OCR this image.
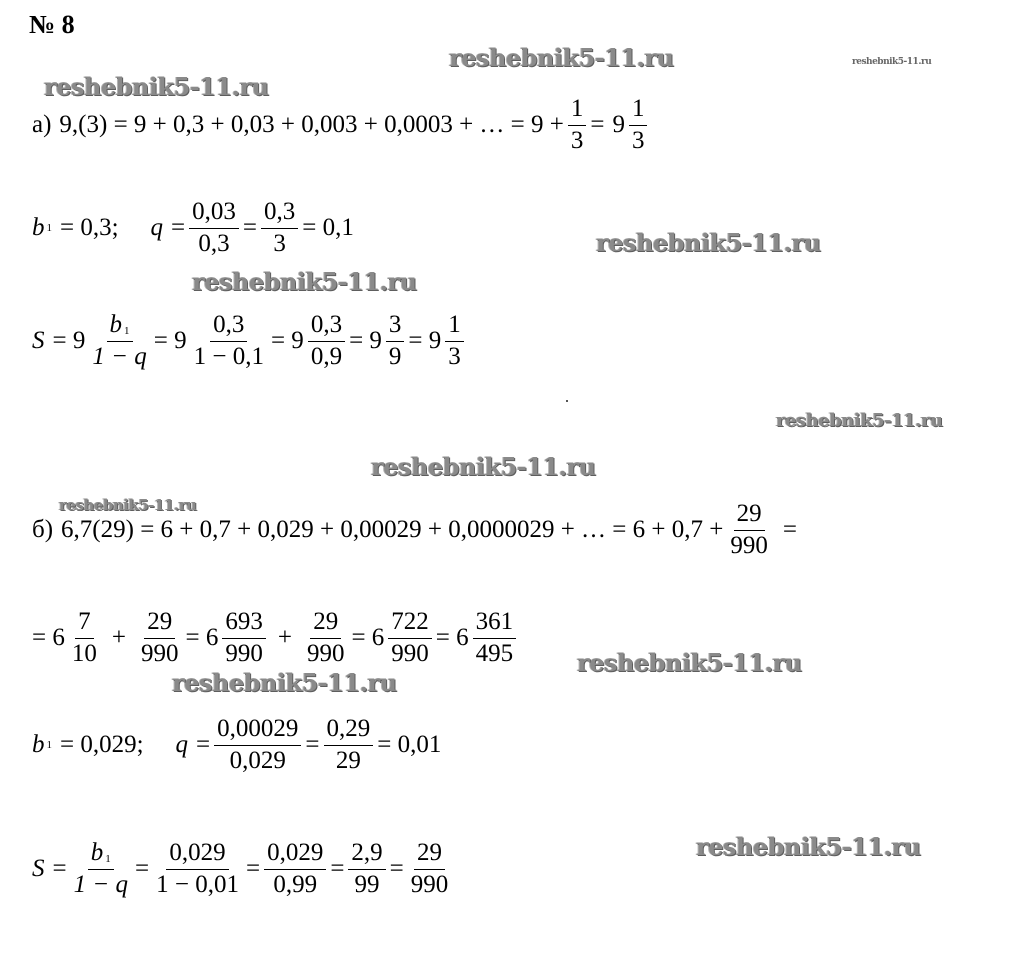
№ 8
reshebnik5-11.ru	reshebnik5-11.ru
reshebnik5-11.ru
reshebnik5-11.ru
reshebnik5-11.ru
reshebnik5-11.ru
reshebnik5-11.ru
reshebnik5-11.ru
reshebnik5-11.ru
reshebnik5-11.ru
reshebnik5-11.ru
а) 9,(3) = 9 + 0,3 + 0,03 + 0,003 + 0,0003 + … = $9 + \frac{1}{3} = 9 \frac{1}{3}$
b 1 = 0,3; $q = \frac{0,03}{0,3} = \frac{0,3}{3} = 0,1$
$S = 9 \frac{b 1}{1 - q} = 9 \frac{0,3}{1 - 0,1} = 9 \frac{0,3}{0,9} = 9 \frac{3}{9} = 9 \frac{1}{3}$
б) 6,7(29) = 6 + 0,7 + 0,029 + 0,00029 + 0,0000029 + … = $6 + 0,7 + \frac{29}{990}$ =
= $6 \frac{7}{10} + \frac{29}{990} = 6 \frac{693}{990} + \frac{29}{990} = 6 \frac{722}{990} = 6 \frac{361}{495}$
b 1 = 0,029; $q = \frac{0,00029}{0,029} = \frac{0,29}{29} = 0,01$
$S = \frac{b 1}{1 - q} = \frac{0,029}{1 - 0,01} = \frac{0,029}{0,99} = \frac{2,9}{99} = \frac{29}{990}$
